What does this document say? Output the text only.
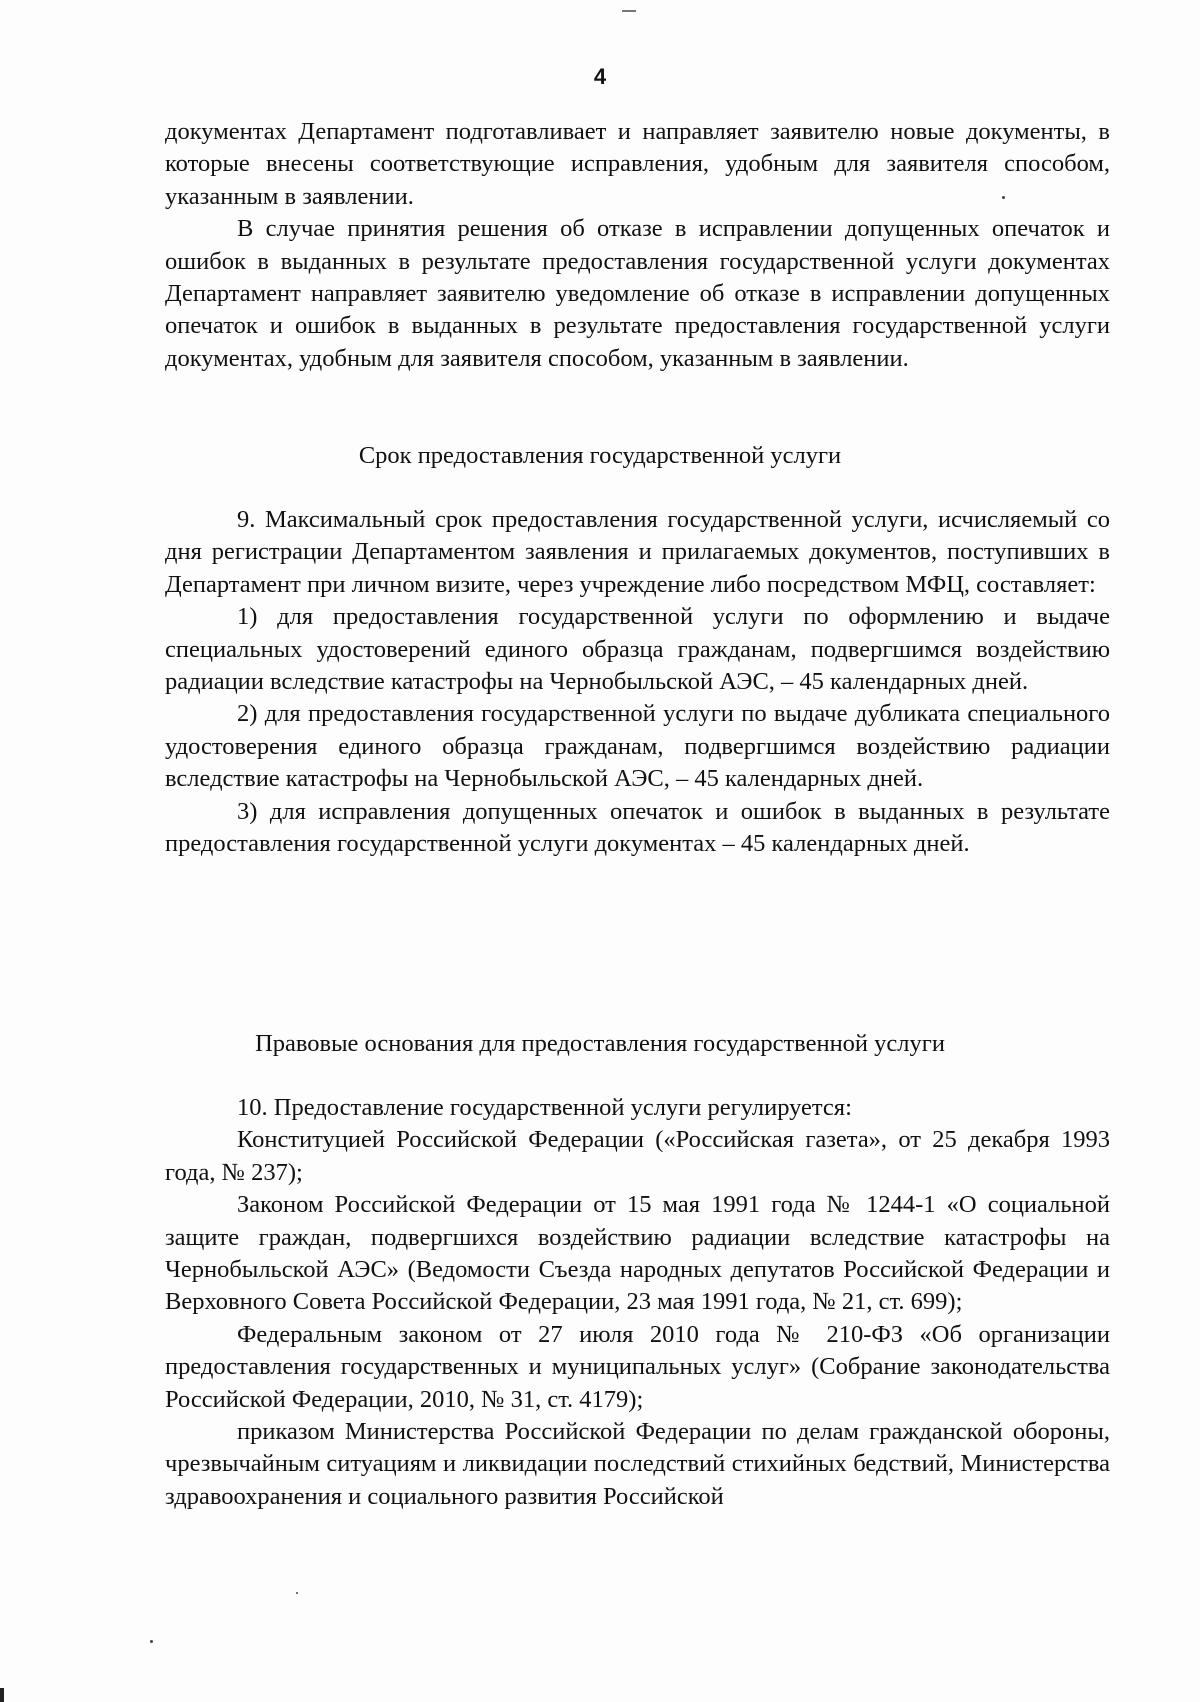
4

документах Департамент подготавливает и направляет заявителю новые документы, в которые внесены соответствующие исправления, удобным для заявителя способом, указанным в заявлении.

В случае принятия решения об отказе в исправлении допущенных опечаток и ошибок в выданных в результате предоставления государственной услуги документах Департамент направляет заявителю уведомление об отказе в исправлении допущенных опечаток и ошибок в выданных в результате предоставления государственной услуги документах, удобным для заявителя способом, указанным в заявлении.

Срок предоставления государственной услуги

9. Максимальный срок предоставления государственной услуги, исчисляемый со дня регистрации Департаментом заявления и прилагаемых документов, поступивших в Департамент при личном визите, через учреждение либо посредством МФЦ, составляет:

1) для предоставления государственной услуги по оформлению и выдаче специальных удостоверений единого образца гражданам, подвергшимся воздействию радиации вследствие катастрофы на Чернобыльской АЭС, – 45 календарных дней.

2) для предоставления государственной услуги по выдаче дубликата специального удостоверения единого образца гражданам, подвергшимся воздействию радиации вследствие катастрофы на Чернобыльской АЭС, – 45 календарных дней.

3) для исправления допущенных опечаток и ошибок в выданных в результате предоставления государственной услуги документах – 45 календарных дней.

Правовые основания для предоставления государственной услуги

10. Предоставление государственной услуги регулируется:

Конституцией Российской Федерации («Российская газета», от 25 декабря 1993 года, № 237);

Законом Российской Федерации от 15 мая 1991 года № 1244-1 «О социальной защите граждан, подвергшихся воздействию радиации вследствие катастрофы на Чернобыльской АЭС» (Ведомости Съезда народных депутатов Российской Федерации и Верховного Совета Российской Федерации, 23 мая 1991 года, № 21, ст. 699);

Федеральным законом от 27 июля 2010 года № 210-ФЗ «Об организации предоставления государственных и муниципальных услуг» (Собрание законодательства Российской Федерации, 2010, № 31, ст. 4179);

приказом Министерства Российской Федерации по делам гражданской обороны, чрезвычайным ситуациям и ликвидации последствий стихийных бедствий, Министерства здравоохранения и социального развития Российской
